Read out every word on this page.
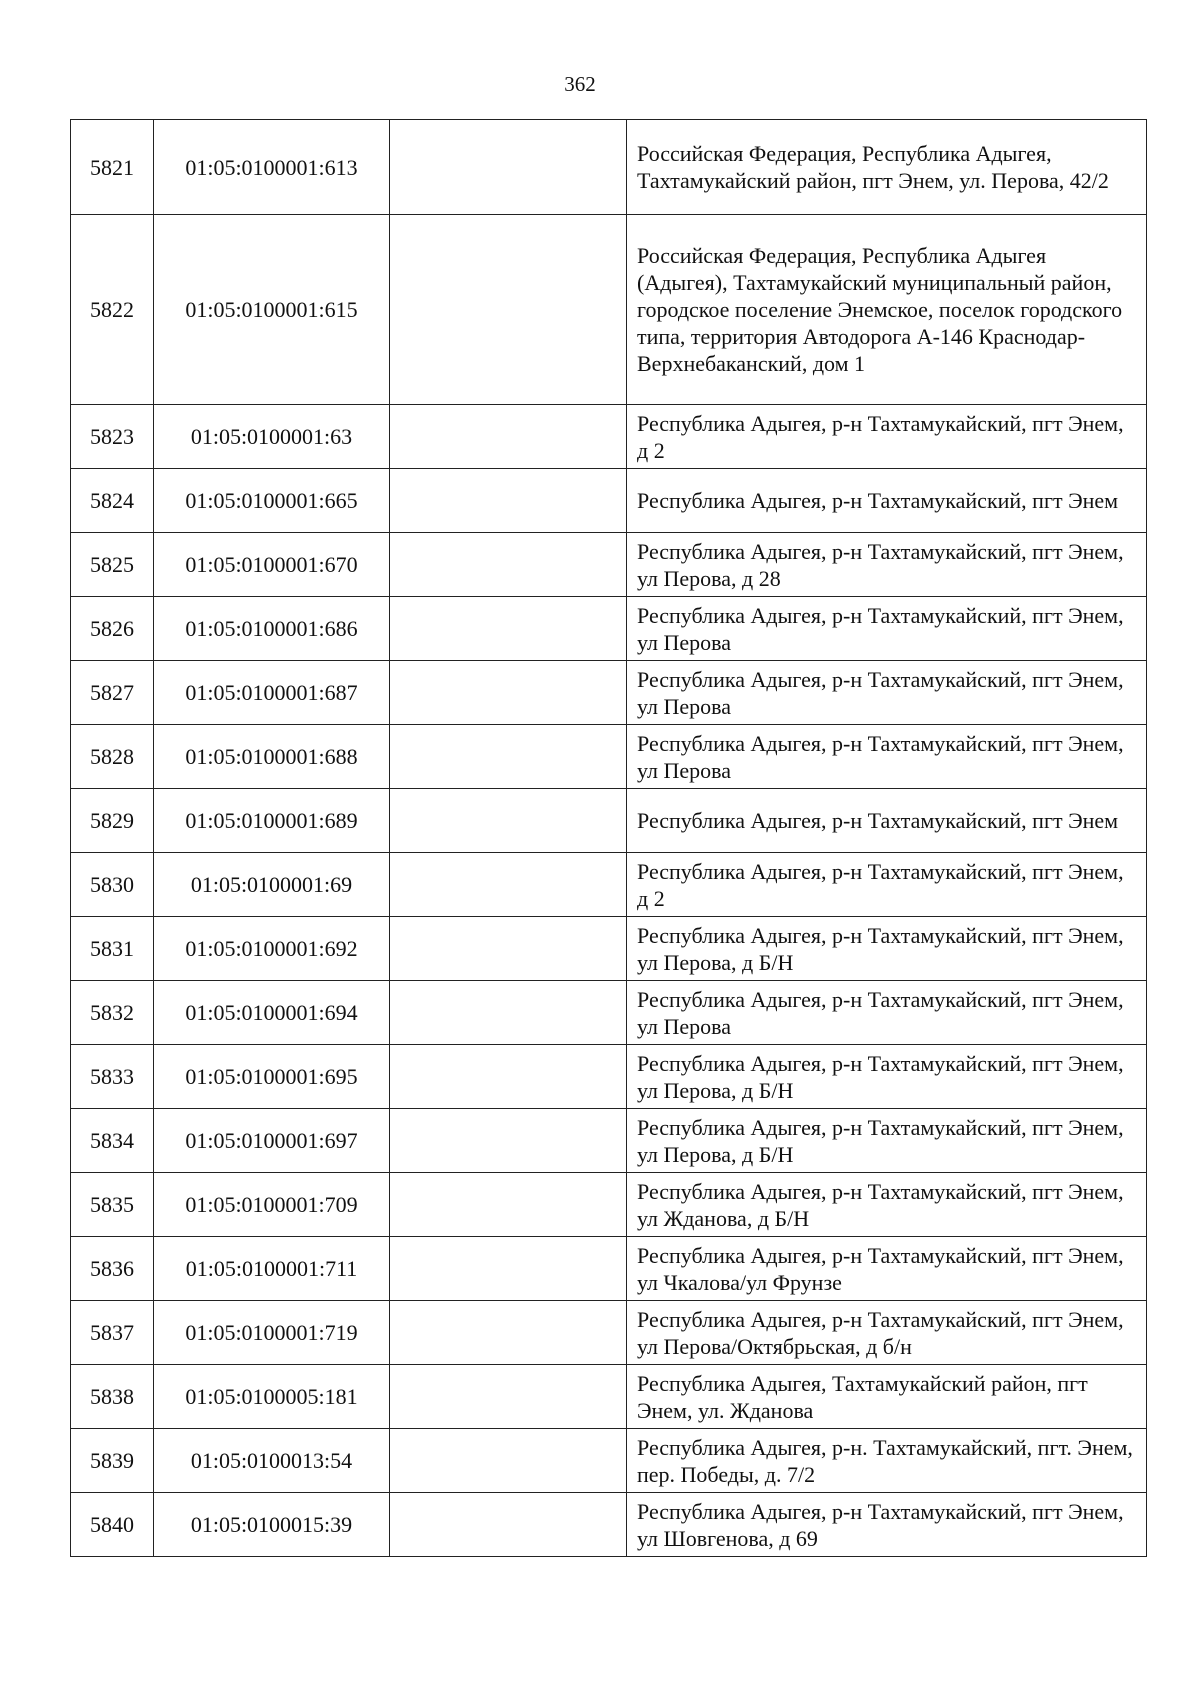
362
5821	01:05:0100001:613		Российская Федерация, Республика Адыгея, Тахтамукайский район, пгт Энем, ул. Перова, 42/2
5822	01:05:0100001:615		Российская Федерация, Республика Адыгея (Адыгея), Тахтамукайский муниципальный район, городское поселение Энемское, поселок городского типа, территория Автодорога А-146 Краснодар-Верхнебаканский, дом 1
5823	01:05:0100001:63		Республика Адыгея, р-н Тахтамукайский, пгт Энем, д 2
5824	01:05:0100001:665		Республика Адыгея, р-н Тахтамукайский, пгт Энем
5825	01:05:0100001:670		Республика Адыгея, р-н Тахтамукайский, пгт Энем, ул Перова, д 28
5826	01:05:0100001:686		Республика Адыгея, р-н Тахтамукайский, пгт Энем, ул Перова
5827	01:05:0100001:687		Республика Адыгея, р-н Тахтамукайский, пгт Энем, ул Перова
5828	01:05:0100001:688		Республика Адыгея, р-н Тахтамукайский, пгт Энем, ул Перова
5829	01:05:0100001:689		Республика Адыгея, р-н Тахтамукайский, пгт Энем
5830	01:05:0100001:69		Республика Адыгея, р-н Тахтамукайский, пгт Энем, д 2
5831	01:05:0100001:692		Республика Адыгея, р-н Тахтамукайский, пгт Энем, ул Перова, д Б/Н
5832	01:05:0100001:694		Республика Адыгея, р-н Тахтамукайский, пгт Энем, ул Перова
5833	01:05:0100001:695		Республика Адыгея, р-н Тахтамукайский, пгт Энем, ул Перова, д Б/Н
5834	01:05:0100001:697		Республика Адыгея, р-н Тахтамукайский, пгт Энем, ул Перова, д Б/Н
5835	01:05:0100001:709		Республика Адыгея, р-н Тахтамукайский, пгт Энем, ул Жданова, д Б/Н
5836	01:05:0100001:711		Республика Адыгея, р-н Тахтамукайский, пгт Энем, ул Чкалова/ул Фрунзе
5837	01:05:0100001:719		Республика Адыгея, р-н Тахтамукайский, пгт Энем, ул Перова/Октябрьская, д б/н
5838	01:05:0100005:181		Республика Адыгея, Тахтамукайский район, пгт Энем, ул. Жданова
5839	01:05:0100013:54		Республика Адыгея, р-н. Тахтамукайский, пгт. Энем, пер. Победы, д. 7/2
5840	01:05:0100015:39		Республика Адыгея, р-н Тахтамукайский, пгт Энем, ул Шовгенова, д 69
